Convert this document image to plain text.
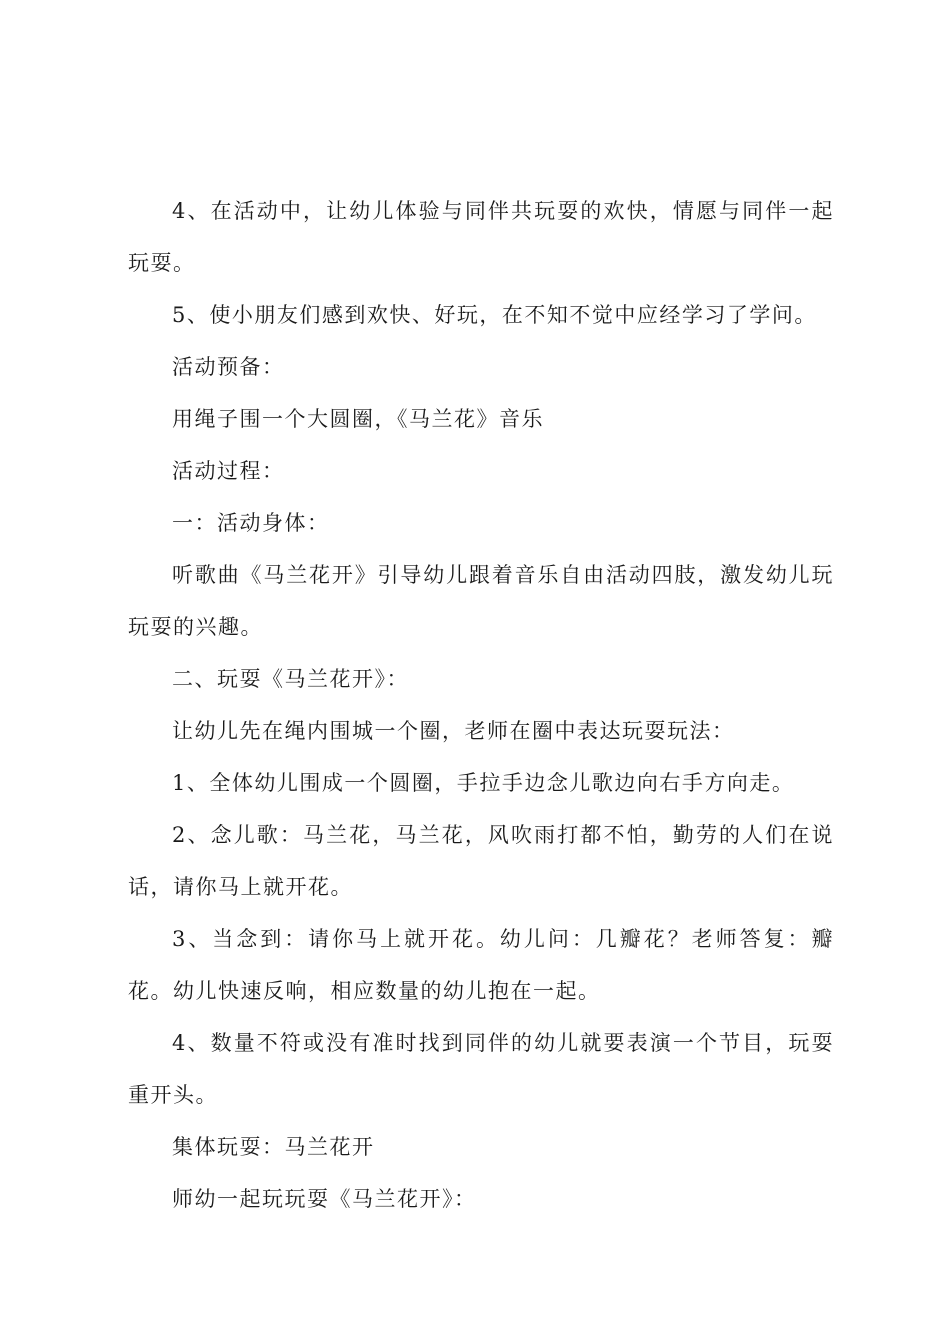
4、在活动中，让幼儿体验与同伴共玩耍的欢快，情愿与同伴一起玩耍。

5、使小朋友们感到欢快、好玩，在不知不觉中应经学习了学问。

活动预备：

用绳子围一个大圆圈，《马兰花》音乐

活动过程：

一：活动身体：

听歌曲《马兰花开》引导幼儿跟着音乐自由活动四肢，激发幼儿玩玩耍的兴趣。

二、玩耍《马兰花开》：

让幼儿先在绳内围城一个圈，老师在圈中表达玩耍玩法：

1、全体幼儿围成一个圆圈，手拉手边念儿歌边向右手方向走。

2、念儿歌：马兰花，马兰花，风吹雨打都不怕，勤劳的人们在说话，请你马上就开花。

3、当念到：请你马上就开花。幼儿问：几瓣花？老师答复：瓣花。幼儿快速反响，相应数量的幼儿抱在一起。

4、数量不符或没有准时找到同伴的幼儿就要表演一个节目，玩耍重开头。

集体玩耍：马兰花开

师幼一起玩玩耍《马兰花开》：
